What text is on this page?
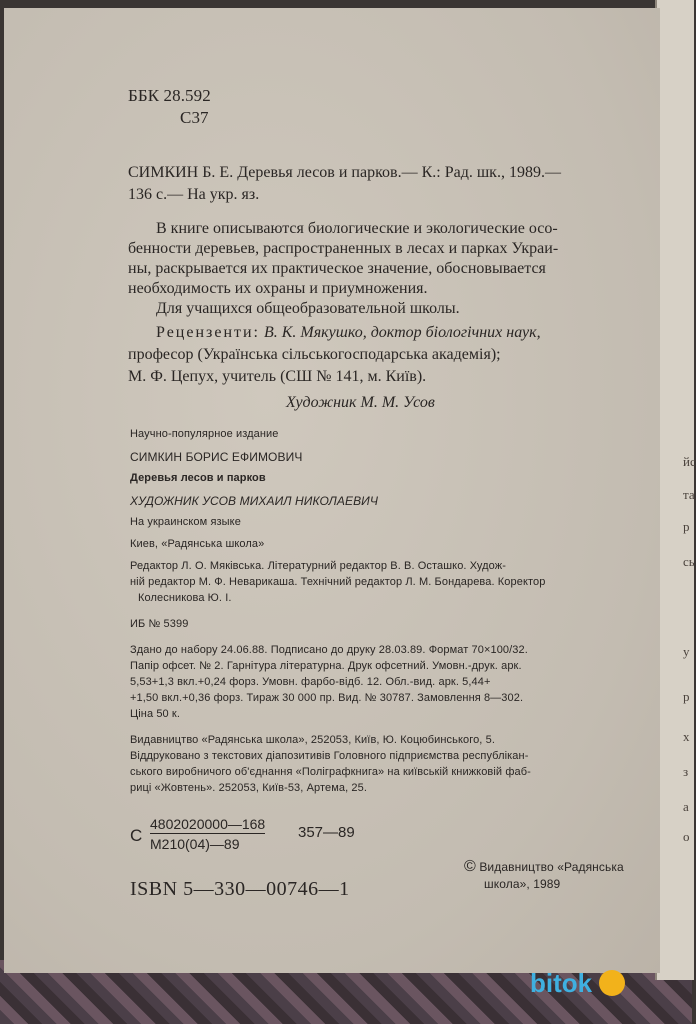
йс
та
р
сь
у
р
х
з
а
о
ББК 28.592
С37
СИМКИН Б. Е. Деревья лесов и парков.— К.: Рад. шк., 1989.—
136 с.— На укр. яз.
В книге описываются биологические и экологические осо-
бенности деревьев, распространенных в лесах и парках Украи-
ны, раскрывается их практическое значение, обосновывается
необходимость их охраны и приумножения.
Для учащихся общеобразовательной школы.
Рецензенти: В. К. Мякушко, доктор біологічних наук,
професор (Українська сільськогосподарська академія);
М. Ф. Цепух, учитель (СШ № 141, м. Київ).
Художник М. М. Усов
Научно-популярное издание
СИМКИН БОРИС ЕФИМОВИЧ
Деревья лесов и парков
ХУДОЖНИК УСОВ МИХАИЛ НИКОЛАЕВИЧ
На украинском языке
Киев, «Радянська школа»
Редактор Л. О. Мяківська. Літературний редактор В. В. Осташко. Худож-
ній редактор М. Ф. Неварикаша. Технічний редактор Л. М. Бондарева. Коректор
Колесникова Ю. І.
ИБ № 5399
Здано до набору 24.06.88. Подписано до друку 28.03.89. Формат 70×100/32.
Папір офсет. № 2. Гарнітура літературна. Друк офсетний. Умовн.-друк. арк.
5,53+1,3 вкл.+0,24 форз. Умовн. фарбо-відб. 12. Обл.-вид. арк. 5,44+
+1,50 вкл.+0,36 форз. Тираж 30 000 пр. Вид. № 30787. Замовлення 8—302.
Ціна 50 к.
Видавництво «Радянська школа», 252053, Київ, Ю. Коцюбинського, 5.
Віддруковано з текстових діапозитивів Головного підприємства республікан-
ського виробничого об'єднання «Поліграфкнига» на київській книжковій фаб-
риці «Жовтень». 252053, Київ-53, Артема, 25.
С
4802020000—168
М210(04)—89
357—89
ISBN 5—330—00746—1
© Видавництво «Радянська
школа», 1989
bitok
